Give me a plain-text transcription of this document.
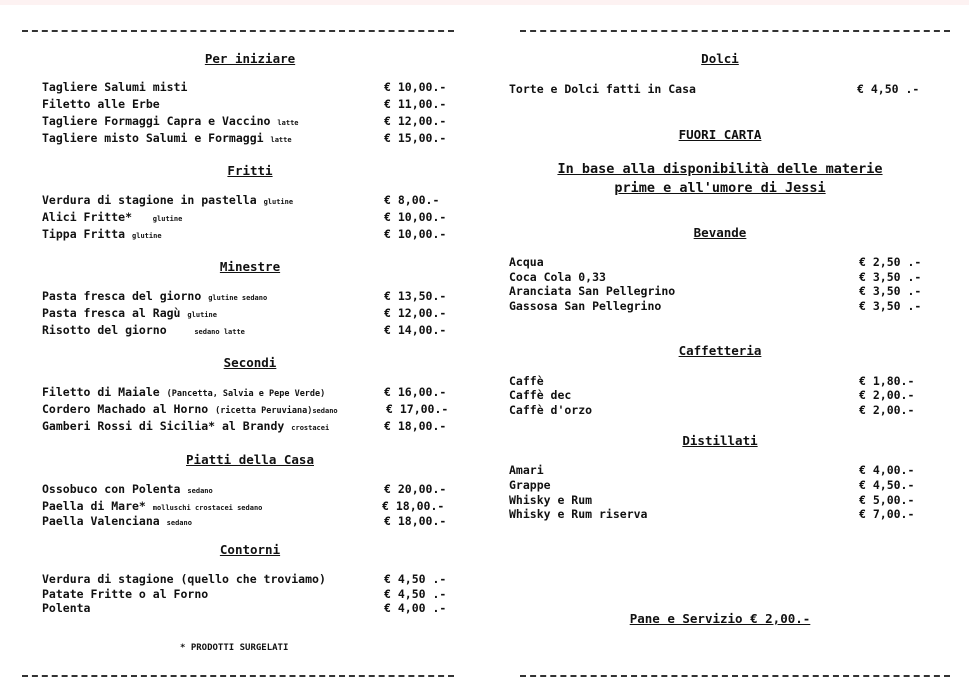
Per iniziare
Tagliere Salumi misti	€ 10,00.-
Filetto alle Erbe	€ 11,00.-
Tagliere Formaggi Capra e Vaccino latte	€ 12,00.-
Tagliere misto Salumi e Formaggi latte	€ 15,00.-
Fritti
Verdura di stagione in pastella glutine	€ 8,00.-
Alici Fritte*	glutine	€ 10,00.-
Tippa Fritta glutine	€ 10,00.-
Minestre
Pasta fresca del giorno glutine sedano	€ 13,50.-
Pasta fresca al Ragù glutine	€ 12,00.-
Risotto del giorno	sedano latte	€ 14,00.-
Secondi
Filetto di Maiale (Pancetta, Salvia e Pepe Verde)	€ 16,00.-
Cordero Machado al Horno (ricetta Peruviana)sedano	€ 17,00.-
Gamberi Rossi di Sicilia* al Brandy crostacei	€ 18,00.-
Piatti della Casa
Ossobuco con Polenta sedano	€ 20,00.-
Paella di Mare* molluschi crostacei sedano	€ 18,00.-
Paella Valenciana sedano	€ 18,00.-
Contorni
Verdura di stagione (quello che troviamo)	€ 4,50 .-
Patate Fritte o al Forno	€ 4,50 .-
Polenta	€ 4,00 .-
* PRODOTTI SURGELATI
Dolci
Torte e Dolci fatti in Casa	€ 4,50 .-
FUORI CARTA
In base alla disponibilità delle materie
prime e all'umore di Jessi
Bevande
Acqua	€ 2,50 .-
Coca Cola 0,33	€ 3,50 .-
Aranciata San Pellegrino	€ 3,50 .-
Gassosa San Pellegrino	€ 3,50 .-
Caffetteria
Caffè	€ 1,80.-
Caffè dec	€ 2,00.-
Caffè d'orzo	€ 2,00.-
Distillati
Amari	€ 4,00.-
Grappe	€ 4,50.-
Whisky e Rum	€ 5,00.-
Whisky e Rum riserva	€ 7,00.-
Pane e Servizio € 2,00.-
